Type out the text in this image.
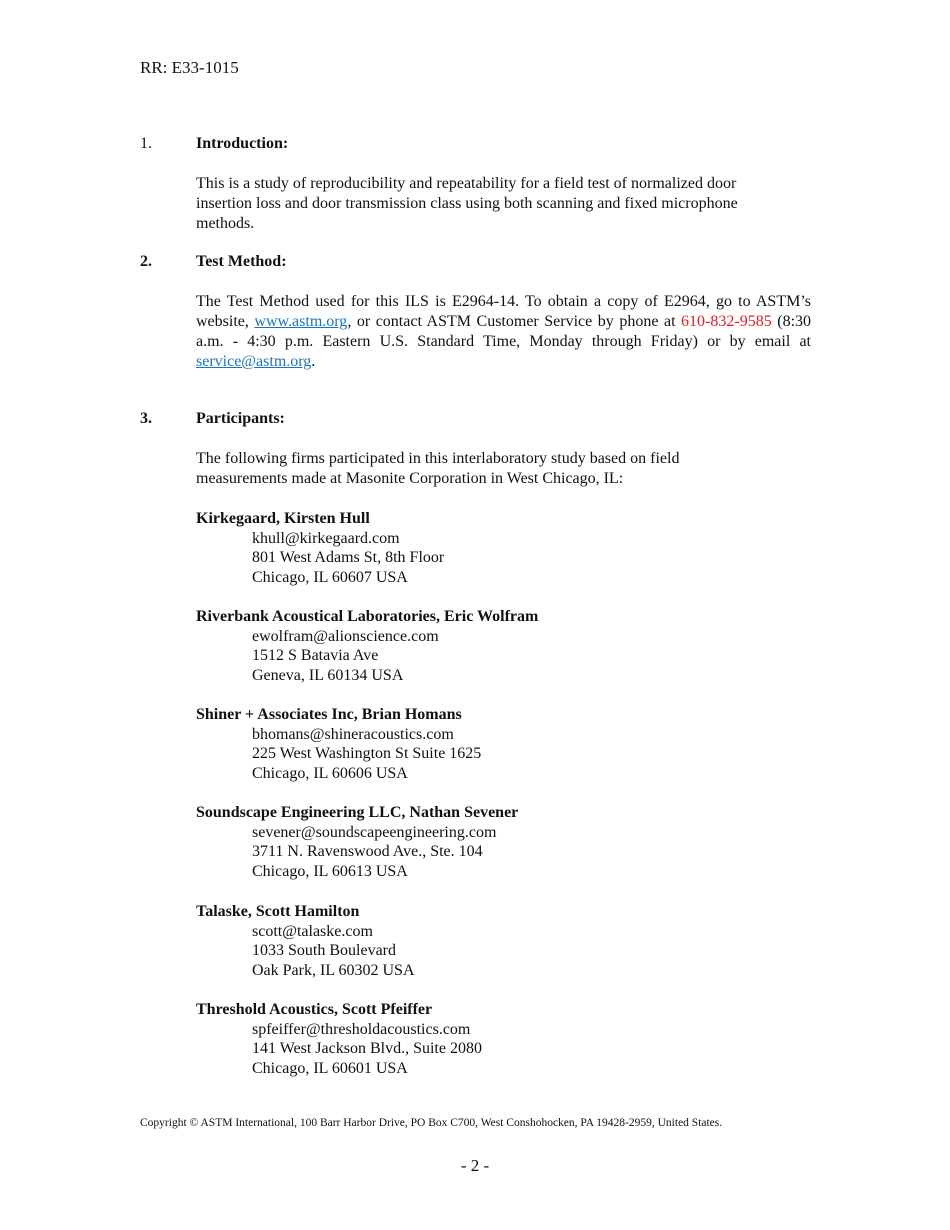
RR: E33-1015
1.	Introduction:
This is a study of reproducibility and repeatability for a field test of normalized door insertion loss and door transmission class using both scanning and fixed microphone methods.
2.	Test Method:
The Test Method used for this ILS is E2964-14. To obtain a copy of E2964, go to ASTM’s website, www.astm.org, or contact ASTM Customer Service by phone at 610-832-9585 (8:30 a.m. - 4:30 p.m. Eastern U.S. Standard Time, Monday through Friday) or by email at service@astm.org.
3.	Participants:
The following firms participated in this interlaboratory study based on field measurements made at Masonite Corporation in West Chicago, IL:
Kirkegaard, Kirsten Hull
khull@kirkegaard.com
801 West Adams St, 8th Floor
Chicago, IL 60607 USA
Riverbank Acoustical Laboratories, Eric Wolfram
ewolfram@alionscience.com
1512 S Batavia Ave
Geneva, IL 60134 USA
Shiner + Associates Inc, Brian Homans
bhomans@shineracoustics.com
225 West Washington St Suite 1625
Chicago, IL 60606 USA
Soundscape Engineering LLC, Nathan Sevener
sevener@soundscapeengineering.com
3711 N. Ravenswood Ave., Ste. 104
Chicago, IL 60613 USA
Talaske, Scott Hamilton
scott@talaske.com
1033 South Boulevard
Oak Park, IL 60302 USA
Threshold Acoustics, Scott Pfeiffer
spfeiffer@thresholdacoustics.com
141 West Jackson Blvd., Suite 2080
Chicago, IL 60601 USA
Copyright © ASTM International, 100 Barr Harbor Drive, PO Box C700, West Conshohocken, PA 19428-2959, United States.
- 2 -
